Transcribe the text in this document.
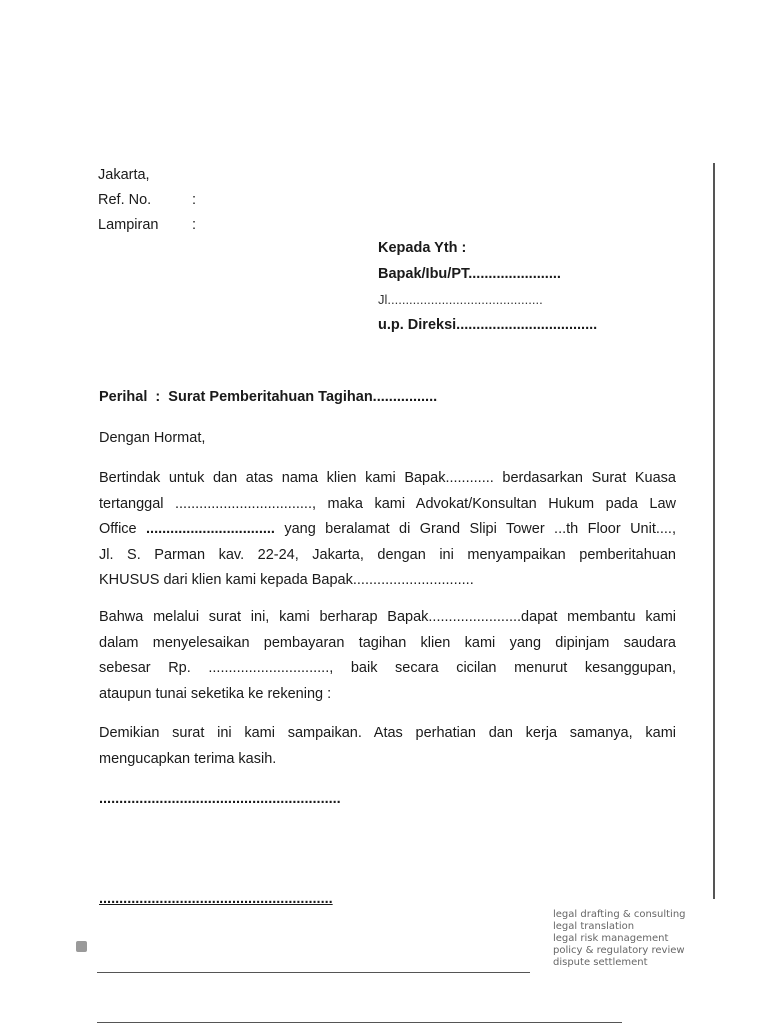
Jakarta,
Ref. No.	:
Lampiran	:
Kepada Yth :
Bapak/Ibu/PT.......................
Jl...........................................
u.p. Direksi...................................
Perihal  :  Surat Pemberitahuan Tagihan................
Dengan Hormat,
Bertindak untuk dan atas nama klien kami Bapak............ berdasarkan Surat Kuasa
tertanggal .................................., maka kami Advokat/Konsultan Hukum pada Law
Office ................................ yang beralamat di Grand Slipi Tower ...th Floor Unit....,
Jl. S. Parman kav. 22-24, Jakarta, dengan ini menyampaikan pemberitahuan
KHUSUS dari klien kami kepada Bapak..............................
Bahwa melalui surat ini, kami berharap Bapak.......................dapat membantu kami
dalam menyelesaikan pembayaran tagihan klien kami yang dipinjam saudara
sebesar Rp. .............................., baik secara cicilan menurut kesanggupan,
ataupun tunai seketika ke rekening :
Demikian surat ini kami sampaikan. Atas perhatian dan kerja samanya, kami
mengucapkan terima kasih.
............................................................
..........................................................
legal drafting & consulting
legal translation
legal risk management
policy & regulatory review
dispute settlement
